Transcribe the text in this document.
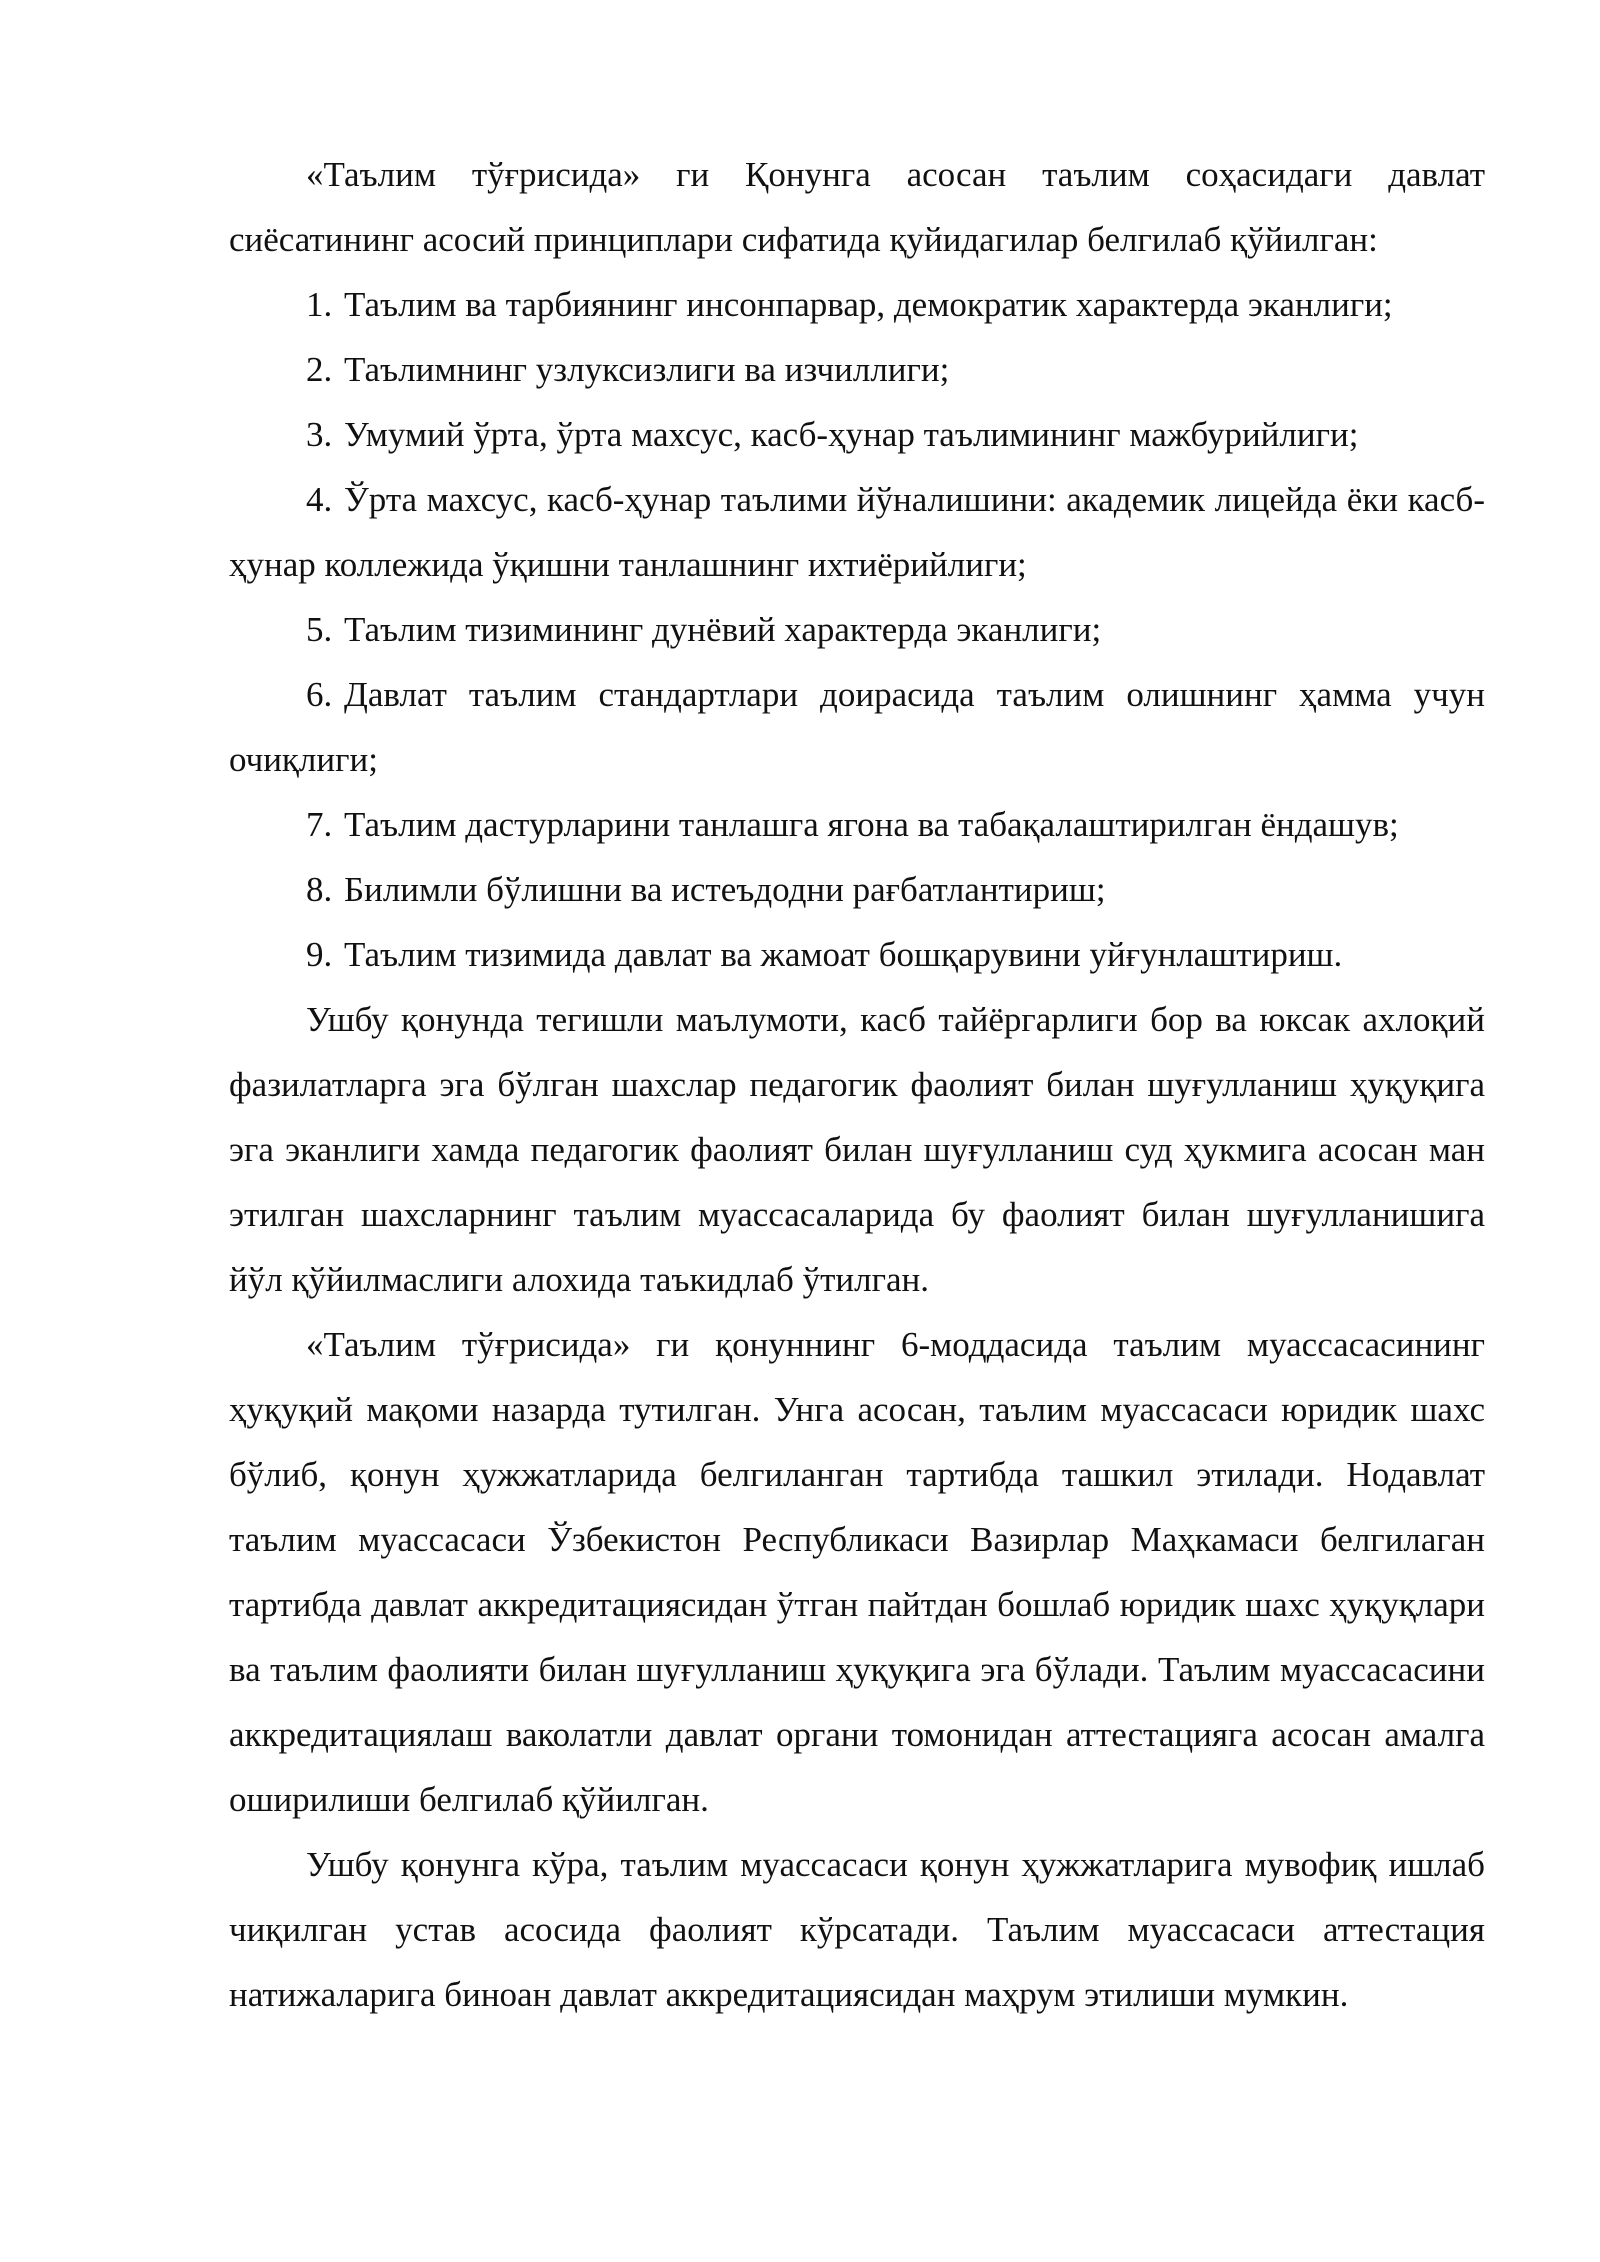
«Таълим тўғрисида» ги Қонунга асосан таълим соҳасидаги давлат сиёсатининг асосий принциплари сифатида қуйидагилар белгилаб қўйилган:

1. Таълим ва тарбиянинг инсонпарвар, демократик характерда эканлиги;

2. Таълимнинг узлуксизлиги ва изчиллиги;

3. Умумий ўрта, ўрта махсус, касб-ҳунар таълимининг мажбурийлиги;

4. Ўрта махсус, касб-ҳунар таълими йўналишини: академик лицейда ёки касб-ҳунар коллежида ўқишни танлашнинг ихтиёрийлиги;

5. Таълим тизимининг дунёвий характерда эканлиги;

6. Давлат таълим стандартлари доирасида таълим олишнинг ҳамма учун очиқлиги;

7. Таълим дастурларини танлашга ягона ва табақалаштирилган ёндашув;

8. Билимли бўлишни ва истеъдодни рағбатлантириш;

9. Таълим тизимида давлат ва жамоат бошқарувини уйғунлаштириш.

Ушбу қонунда тегишли маълумоти, касб тайёргарлиги бор ва юксак ахлоқий фазилатларга эга бўлган шахслар педагогик фаолият билан шуғулланиш ҳуқуқига эга эканлиги хамда педагогик фаолият билан шуғулланиш суд ҳукмига асосан ман этилган шахсларнинг таълим муассасаларида бу фаолият билан шуғулланишига йўл қўйилмаслиги алохида таъкидлаб ўтилган.

«Таълим тўғрисида» ги қонуннинг 6-моддасида таълим муассасасининг ҳуқуқий мақоми назарда тутилган. Унга асосан, таълим муассасаси юридик шахс бўлиб, қонун ҳужжатларида белгиланган тартибда ташкил этилади. Нодавлат таълим муассасаси Ўзбекистон Республикаси Вазирлар Маҳкамаси белгилаган тартибда давлат аккредитациясидан ўтган пайтдан бошлаб юридик шахс ҳуқуқлари ва таълим фаолияти билан шуғулланиш ҳуқуқига эга бўлади. Таълим муассасасини аккредитациялаш ваколатли давлат органи томонидан аттестацияга асосан амалга оширилиши белгилаб қўйилган.

Ушбу қонунга кўра, таълим муассасаси қонун ҳужжатларига мувофиқ ишлаб чиқилган устав асосида фаолият кўрсатади. Таълим муассасаси аттестация натижаларига биноан давлат аккредитациясидан маҳрум этилиши мумкин.
